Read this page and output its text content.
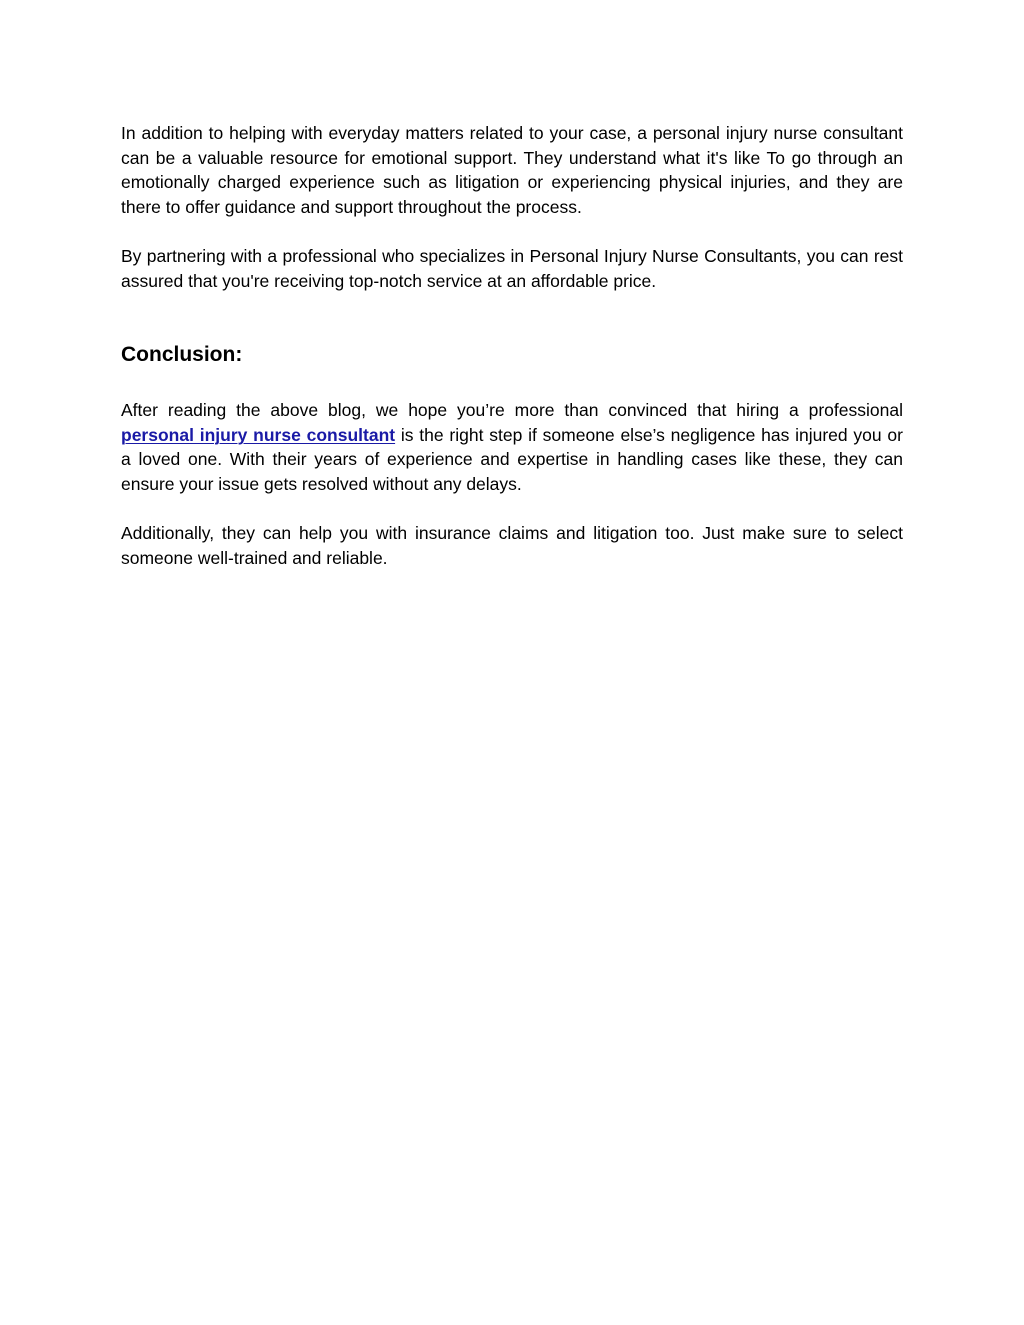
In addition to helping with everyday matters related to your case, a personal injury nurse consultant can be a valuable resource for emotional support. They understand what it's like To go through an emotionally charged experience such as litigation or experiencing physical injuries, and they are there to offer guidance and support throughout the process.

By partnering with a professional who specializes in Personal Injury Nurse Consultants, you can rest assured that you're receiving top-notch service at an affordable price.

Conclusion:

After reading the above blog, we hope you’re more than convinced that hiring a professional personal injury nurse consultant is the right step if someone else’s negligence has injured you or a loved one. With their years of experience and expertise in handling cases like these, they can ensure your issue gets resolved without any delays.

Additionally, they can help you with insurance claims and litigation too. Just make sure to select someone well-trained and reliable.
